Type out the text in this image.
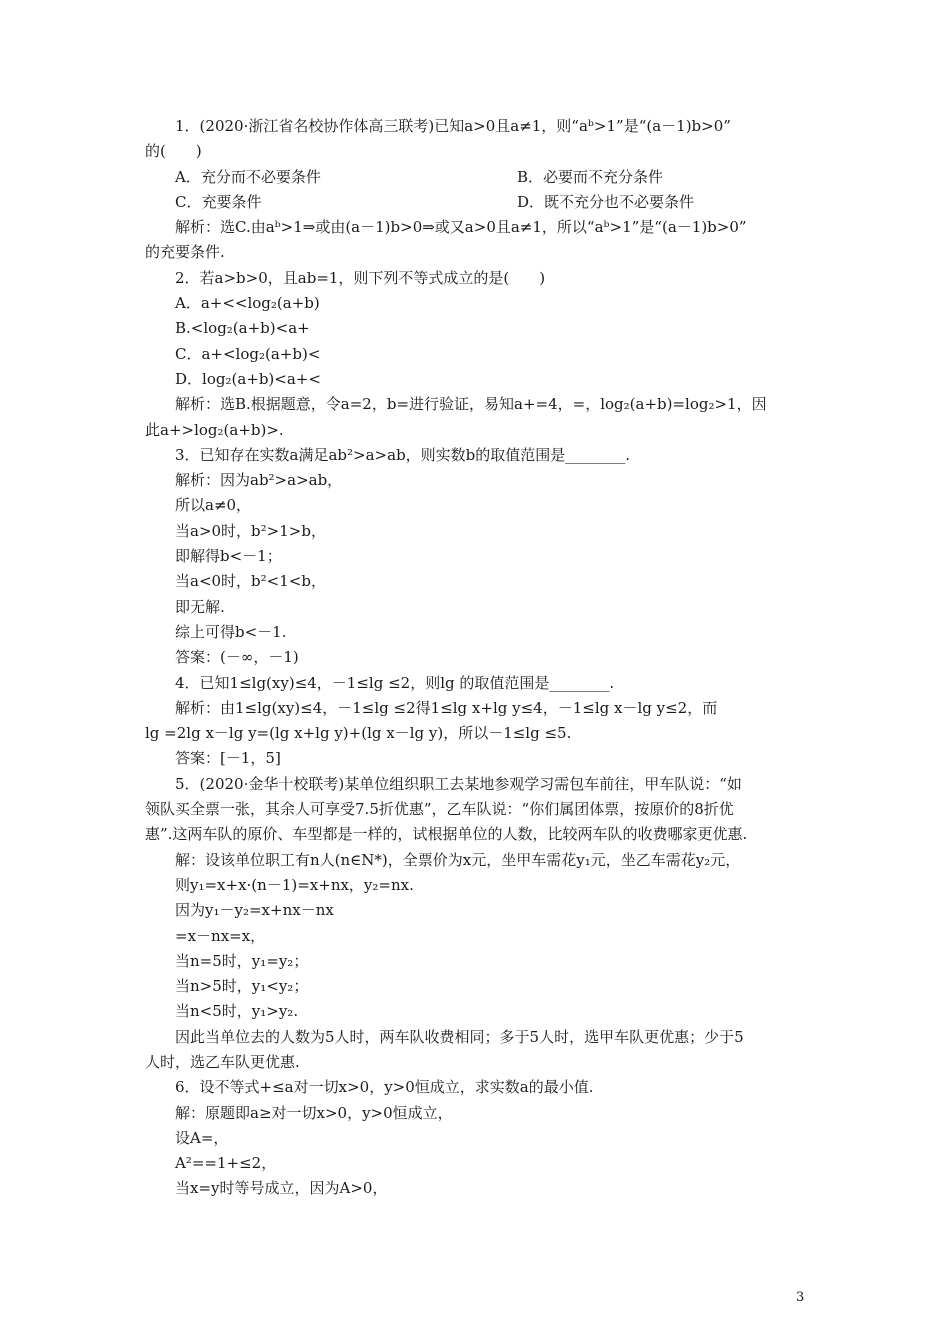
1．(2020·浙江省名校协作体高三联考)已知a>0且a≠1，则“aᵇ>1”是“(a－1)b>0”
的(　　)
A．充分而不必要条件	B．必要而不充分条件
C．充要条件	D．既不充分也不必要条件
解析：选C.由aᵇ>1⇒或由(a－1)b>0⇒或又a>0且a≠1，所以“aᵇ>1”是“(a－1)b>0”
的充要条件.
2．若a>b>0，且ab=1，则下列不等式成立的是(　　)
A．a+<<log₂(a+b)
B.<log₂(a+b)<a+
C．a+<log₂(a+b)<
D．log₂(a+b)<a+<
解析：选B.根据题意，令a=2，b=进行验证，易知a+=4，=，log₂(a+b)=log₂>1，因
此a+>log₂(a+b)>.
3．已知存在实数a满足ab²>a>ab，则实数b的取值范围是________.
解析：因为ab²>a>ab，
所以a≠0，
当a>0时，b²>1>b，
即解得b<－1；
当a<0时，b²<1<b，
即无解.
综上可得b<－1.
答案：(－∞，－1)
4．已知1≤lg(xy)≤4，－1≤lg ≤2，则lg 的取值范围是________.
解析：由1≤lg(xy)≤4，－1≤lg ≤2得1≤lg x+lg y≤4，－1≤lg x－lg y≤2，而
lg =2lg x－lg y=(lg x+lg y)+(lg x－lg y)，所以－1≤lg ≤5.
答案：[－1，5]
5．(2020·金华十校联考)某单位组织职工去某地参观学习需包车前往，甲车队说：“如
领队买全票一张，其余人可享受7.5折优惠”，乙车队说：“你们属团体票，按原价的8折优
惠”.这两车队的原价、车型都是一样的，试根据单位的人数，比较两车队的收费哪家更优惠.
解：设该单位职工有n人(n∈N*)，全票价为x元，坐甲车需花y₁元，坐乙车需花y₂元，
则y₁=x+x·(n－1)=x+nx，y₂=nx.
因为y₁－y₂=x+nx－nx
=x－nx=x，
当n=5时，y₁=y₂；
当n>5时，y₁<y₂；
当n<5时，y₁>y₂.
因此当单位去的人数为5人时，两车队收费相同；多于5人时，选甲车队更优惠；少于5
人时，选乙车队更优惠.
6．设不等式+≤a对一切x>0，y>0恒成立，求实数a的最小值.
解：原题即a≥对一切x>0，y>0恒成立，
设A=，
A²==1+≤2，
当x=y时等号成立，因为A>0，
3
